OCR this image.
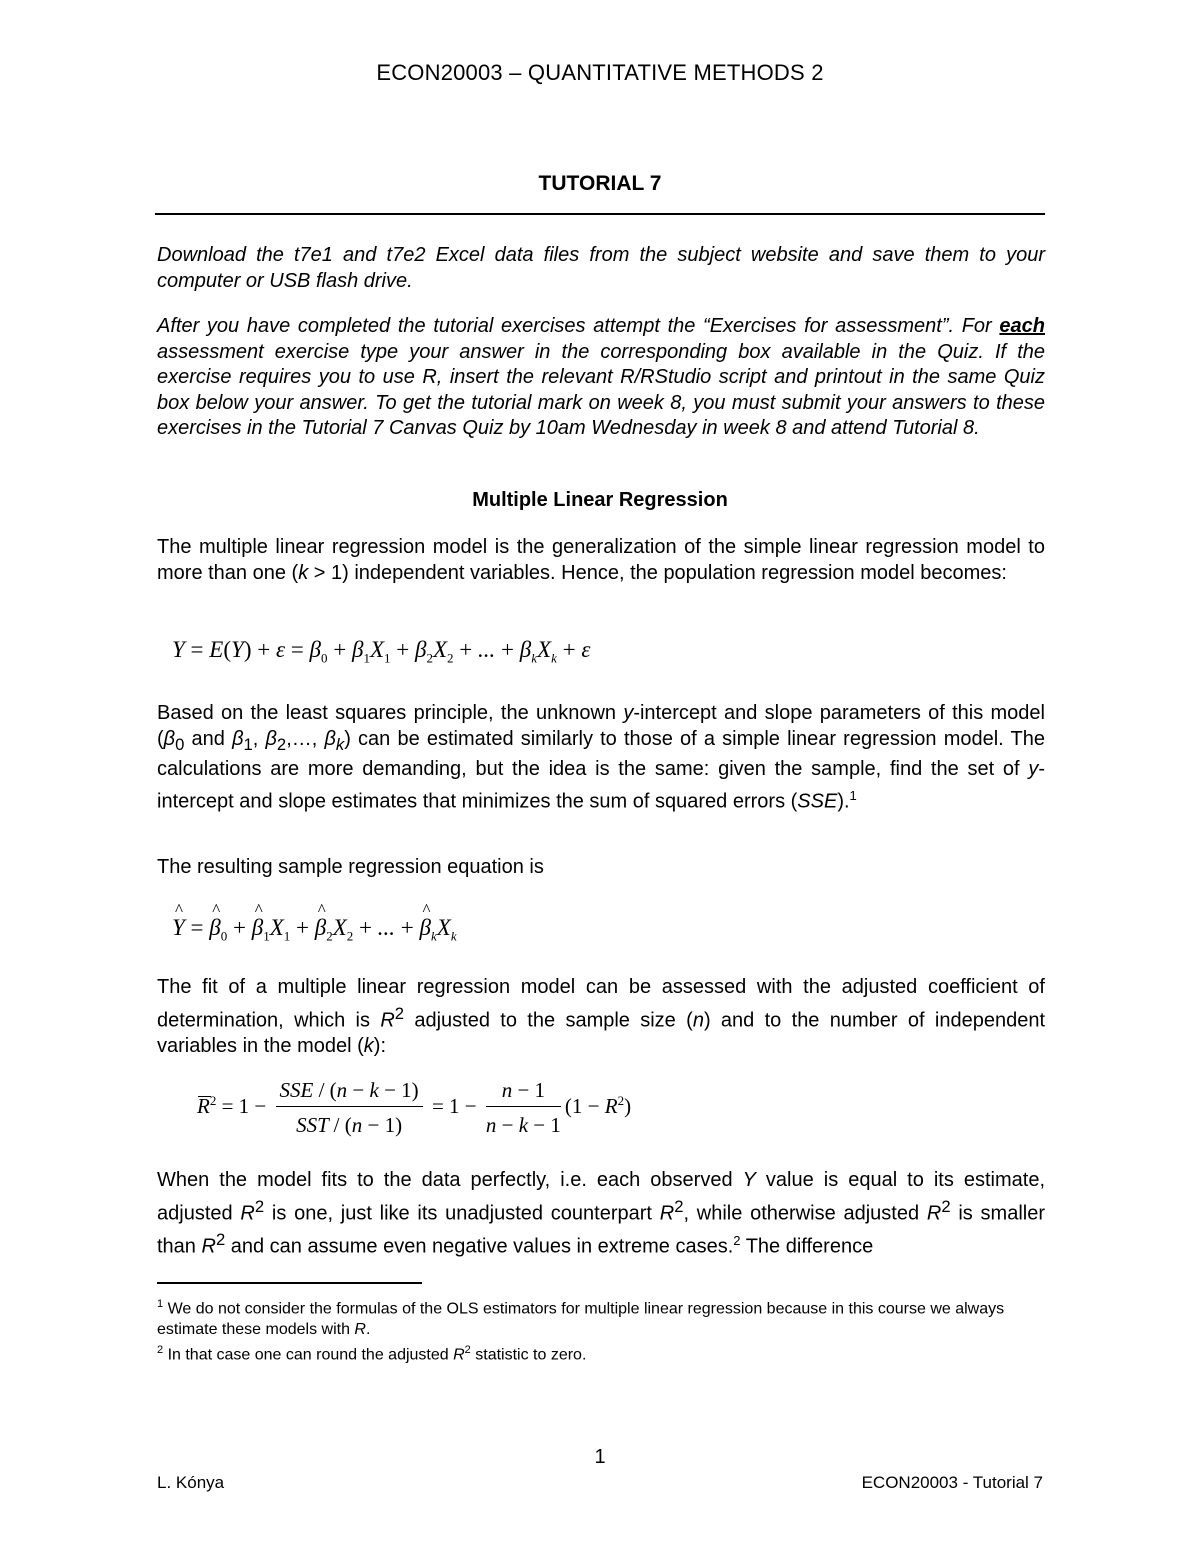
ECON20003 – QUANTITATIVE METHODS 2
TUTORIAL 7

Download the t7e1 and t7e2 Excel data files from the subject website and save them to your computer or USB flash drive.

After you have completed the tutorial exercises attempt the “Exercises for assessment”. For each assessment exercise type your answer in the corresponding box available in the Quiz. If the exercise requires you to use R, insert the relevant R/RStudio script and printout in the same Quiz box below your answer. To get the tutorial mark on week 8, you must submit your answers to these exercises in the Tutorial 7 Canvas Quiz by 10am Wednesday in week 8 and attend Tutorial 8.

Multiple Linear Regression

The multiple linear regression model is the generalization of the simple linear regression model to more than one (k > 1) independent variables. Hence, the population regression model becomes:

$Y = E(Y) + \varepsilon = \beta_0 + \beta_1X_1 + \beta_2X_2$ + ... + $\beta_kX_k + \varepsilon$

Based on the least squares principle, the unknown y-intercept and slope parameters of this model ($\beta_0$ and $\beta_1$, $\beta_2,\dots$, $\beta_k$) can be estimated similarly to those of a simple linear regression model. The calculations are more demanding, but the idea is the same: given the sample, find the set of y-intercept and slope estimates that minimizes the sum of squared errors (SSE).$^1$

The resulting sample regression equation is

^ Y = ^ $\beta_0$ + ^ $\beta_1X_1$ + ^ $\beta_2X_2$ + ... + ^ $\beta_kX_k$

The fit of a multiple linear regression model can be assessed with the adjusted coefficient of determination, which is $R^2$ adjusted to the sample size (n) and to the number of independent variables in the model (k):

$R^2 = 1 - \frac{\text{SSE / (n − k − 1)}}{\text{SST / (n − 1)}} = 1 - \frac{n - 1}{n - k - 1} (1 - R^2)$

When the model fits to the data perfectly, i.e. each observed Y value is equal to its estimate, adjusted $R^2$ is one, just like its unadjusted counterpart $R^2$, while otherwise adjusted $R^2$ is smaller than $R^2$ and can assume even negative values in extreme cases.$^2$ The difference

$^1$ We do not consider the formulas of the OLS estimators for multiple linear regression because in this course we always estimate these models with R.

$^2$ In that case one can round the adjusted $R^2$ statistic to zero.

1
L. Kónya	ECON20003 - Tutorial 7
